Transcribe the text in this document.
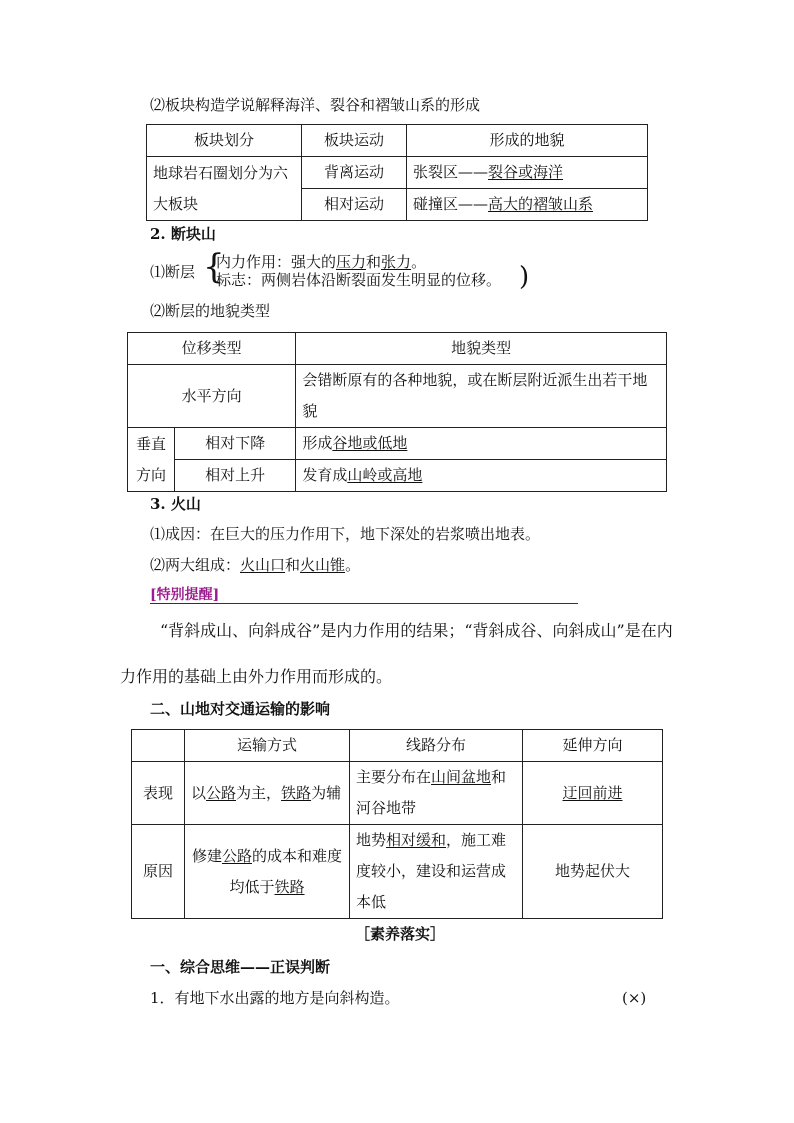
⑵板块构造学说解释海洋、裂谷和褶皱山系的形成
板块划分	板块运动	形成的地貌
地球岩石圈划分为六大板块	背离运动	张裂区——裂谷或海洋
	相对运动	碰撞区——高大的褶皱山系
2. 断块山
⑴断层 {
内力作用：强大的压力和张力。
标志：两侧岩体沿断裂面发生明显的位移。 )
⑵断层的地貌类型
位移类型		地貌类型
水平方向		会错断原有的各种地貌，或在断层附近派生出若干地貌
垂直方向	相对下降	形成谷地或低地
	相对上升	发育成山岭或高地
3. 火山
⑴成因：在巨大的压力作用下，地下深处的岩浆喷出地表。
⑵两大组成：火山口和火山锥。
[特别提醒]
“背斜成山、向斜成谷”是内力作用的结果；“背斜成谷、向斜成山”是在内力作用的基础上由外力作用而形成的。
二、山地对交通运输的影响
	运输方式	线路分布	延伸方向
表现	以公路为主，铁路为辅	主要分布在山间盆地和河谷地带	迂回前进
原因	修建公路的成本和难度均低于铁路	地势相对缓和，施工难度较小，建设和运营成本低	地势起伏大
［素养落实］
一、综合思维——正误判断
1．有地下水出露的地方是向斜构造。	(×)
